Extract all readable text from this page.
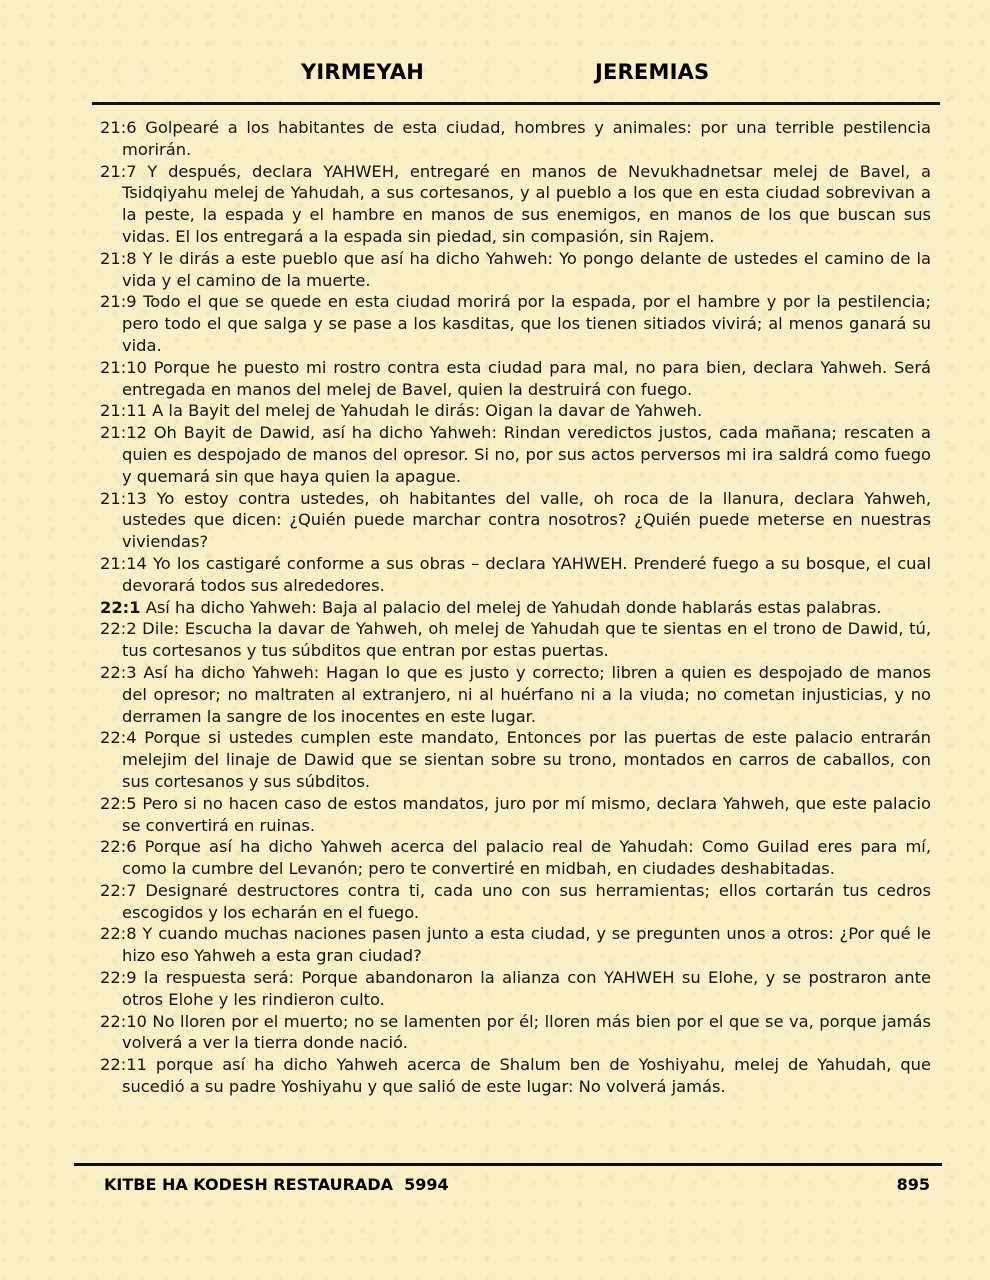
YIRMEYAH	JEREMIAS

21:6 Golpearé a los habitantes de esta ciudad, hombres y animales: por una terrible pestilencia morirán.

21:7 Y después, declara YAHWEH, entregaré en manos de Nevukhadnetsar melej de Bavel, a Tsidqiyahu melej de Yahudah, a sus cortesanos, y al pueblo a los que en esta ciudad sobrevivan a la peste, la espada y el hambre en manos de sus enemigos, en manos de los que buscan sus vidas. El los entregará a la espada sin piedad, sin compasión, sin Rajem.

21:8 Y le dirás a este pueblo que así ha dicho Yahweh: Yo pongo delante de ustedes el camino de la vida y el camino de la muerte.

21:9 Todo el que se quede en esta ciudad morirá por la espada, por el hambre y por la pestilencia; pero todo el que salga y se pase a los kasditas, que los tienen sitiados vivirá; al menos ganará su vida.

21:10 Porque he puesto mi rostro contra esta ciudad para mal, no para bien, declara Yahweh. Será entregada en manos del melej de Bavel, quien la destruirá con fuego.

21:11 A la Bayit del melej de Yahudah le dirás: Oigan la davar de Yahweh.

21:12 Oh Bayit de Dawid, así ha dicho Yahweh: Rindan veredictos justos, cada mañana; rescaten a quien es despojado de manos del opresor. Si no, por sus actos perversos mi ira saldrá como fuego y quemará sin que haya quien la apague.

21:13 Yo estoy contra ustedes, oh habitantes del valle, oh roca de la llanura, declara Yahweh, ustedes que dicen: ¿Quién puede marchar contra nosotros? ¿Quién puede meterse en nuestras viviendas?

21:14 Yo los castigaré conforme a sus obras – declara YAHWEH. Prenderé fuego a su bosque, el cual devorará todos sus alrededores.

22:1 Así ha dicho Yahweh: Baja al palacio del melej de Yahudah donde hablarás estas palabras.

22:2 Dile: Escucha la davar de Yahweh, oh melej de Yahudah que te sientas en el trono de Dawid, tú, tus cortesanos y tus súbditos que entran por estas puertas.

22:3 Así ha dicho Yahweh: Hagan lo que es justo y correcto; libren a quien es despojado de manos del opresor; no maltraten al extranjero, ni al huérfano ni a la viuda; no cometan injusticias, y no derramen la sangre de los inocentes en este lugar.

22:4 Porque si ustedes cumplen este mandato, Entonces por las puertas de este palacio entrarán melejim del linaje de Dawid que se sientan sobre su trono, montados en carros de caballos, con sus cortesanos y sus súbditos.

22:5 Pero si no hacen caso de estos mandatos, juro por mí mismo, declara Yahweh, que este palacio se convertirá en ruinas.

22:6 Porque así ha dicho Yahweh acerca del palacio real de Yahudah: Como Guilad eres para mí, como la cumbre del Levanón; pero te convertiré en midbah, en ciudades deshabitadas.

22:7 Designaré destructores contra ti, cada uno con sus herramientas; ellos cortarán tus cedros escogidos y los echarán en el fuego.

22:8 Y cuando muchas naciones pasen junto a esta ciudad, y se pregunten unos a otros: ¿Por qué le hizo eso Yahweh a esta gran ciudad?

22:9 la respuesta será: Porque abandonaron la alianza con YAHWEH su Elohe, y se postraron ante otros Elohe y les rindieron culto.

22:10 No lloren por el muerto; no se lamenten por él; lloren más bien por el que se va, porque jamás volverá a ver la tierra donde nació.

22:11 porque así ha dicho Yahweh acerca de Shalum ben de Yoshiyahu, melej de Yahudah, que sucedió a su padre Yoshiyahu y que salió de este lugar: No volverá jamás.

KITBE HA KODESH RESTAURADA  5994	895
